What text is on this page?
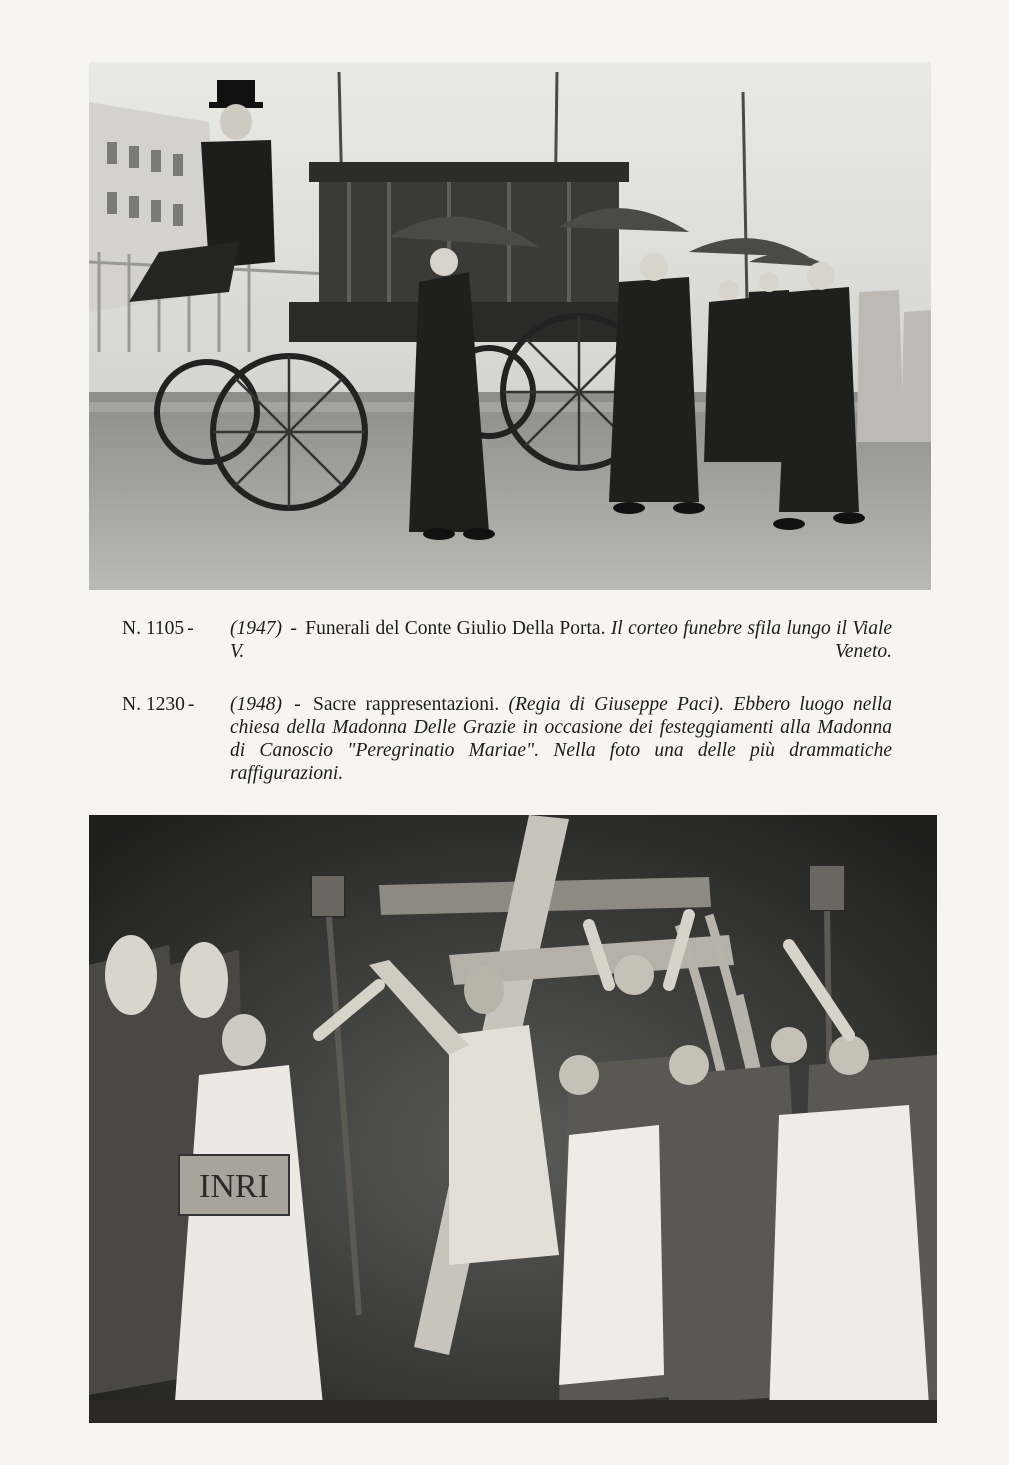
N. 1105 - (1947) - Funerali del Conte Giulio Della Porta. Il corteo funebre sfila lungo il Viale V. Veneto.
N. 1230 -	(1948) - Sacre rappresentazioni. (Regia di Giuseppe Paci). Ebbero luogo nella chiesa della Madonna Delle Grazie in occasione dei festeggiamenti alla Madonna di Canoscio "Peregrinatio Mariae". Nella foto una delle più drammatiche raffigurazioni.
INRI
